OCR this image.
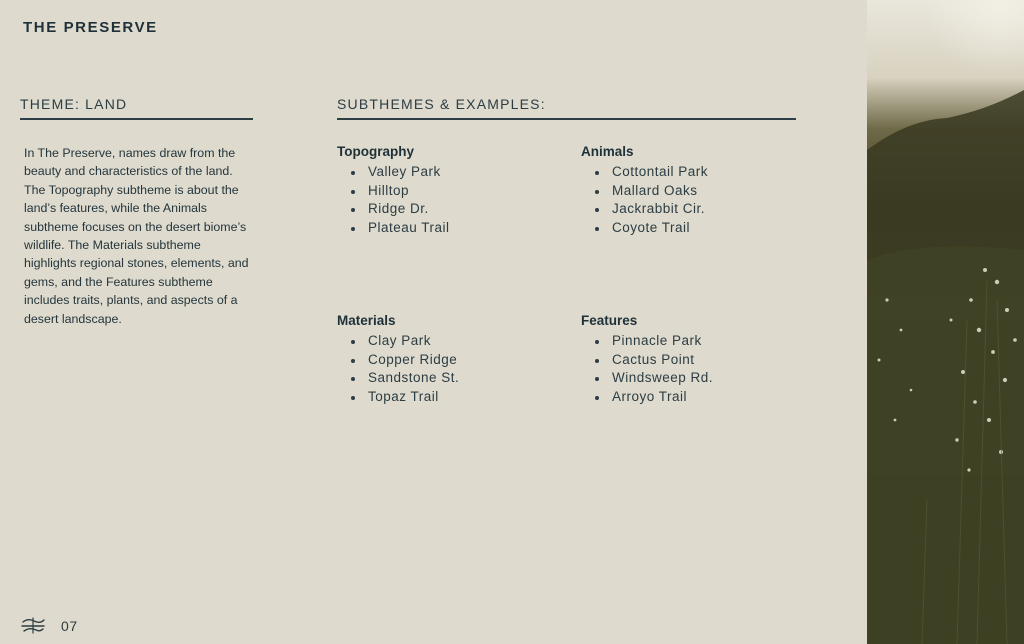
THE PRESERVE
THEME: LAND	SUBTHEMES & EXAMPLES:

In The Preserve, names draw from the beauty and characteristics of the land. The Topography subtheme is about the land’s features, while the Animals subtheme focuses on the desert biome’s wildlife. The Materials subtheme highlights regional stones, elements, and gems, and the Features subtheme includes traits, plants, and aspects of a desert landscape.

Topography
Valley Park
Hilltop
Ridge Dr.
Plateau Trail
Animals
Cottontail Park
Mallard Oaks
Jackrabbit Cir.
Coyote Trail
Materials
Clay Park
Copper Ridge
Sandstone St.
Topaz Trail
Features
Pinnacle Park
Cactus Point
Windsweep Rd.
Arroyo Trail
07
